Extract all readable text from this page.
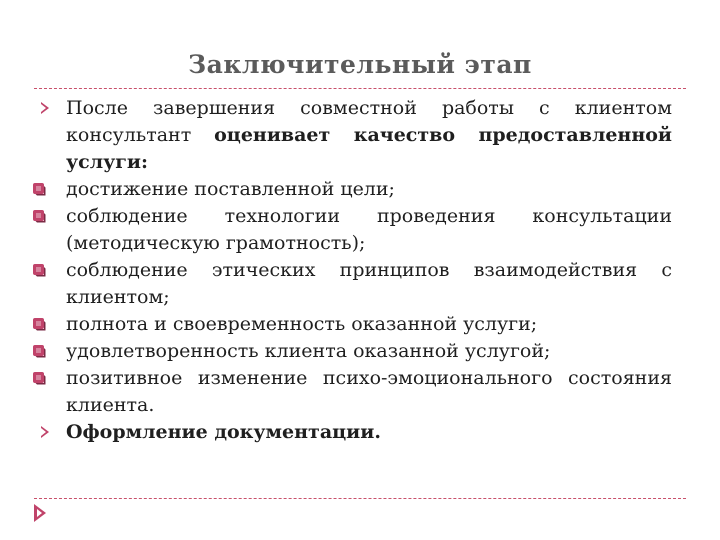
Заключительный этап
После завершения совместной работы с клиентом консультант оценивает качество предоставленной услуги:
достижение поставленной цели;
соблюдение технологии проведения консультации (методическую грамотность);
соблюдение этических принципов взаимодействия с клиентом;
полнота и своевременность оказанной услуги;
удовлетворенность клиента оказанной услугой;
позитивное изменение психо-эмоционального состояния клиента.
Оформление документации.
